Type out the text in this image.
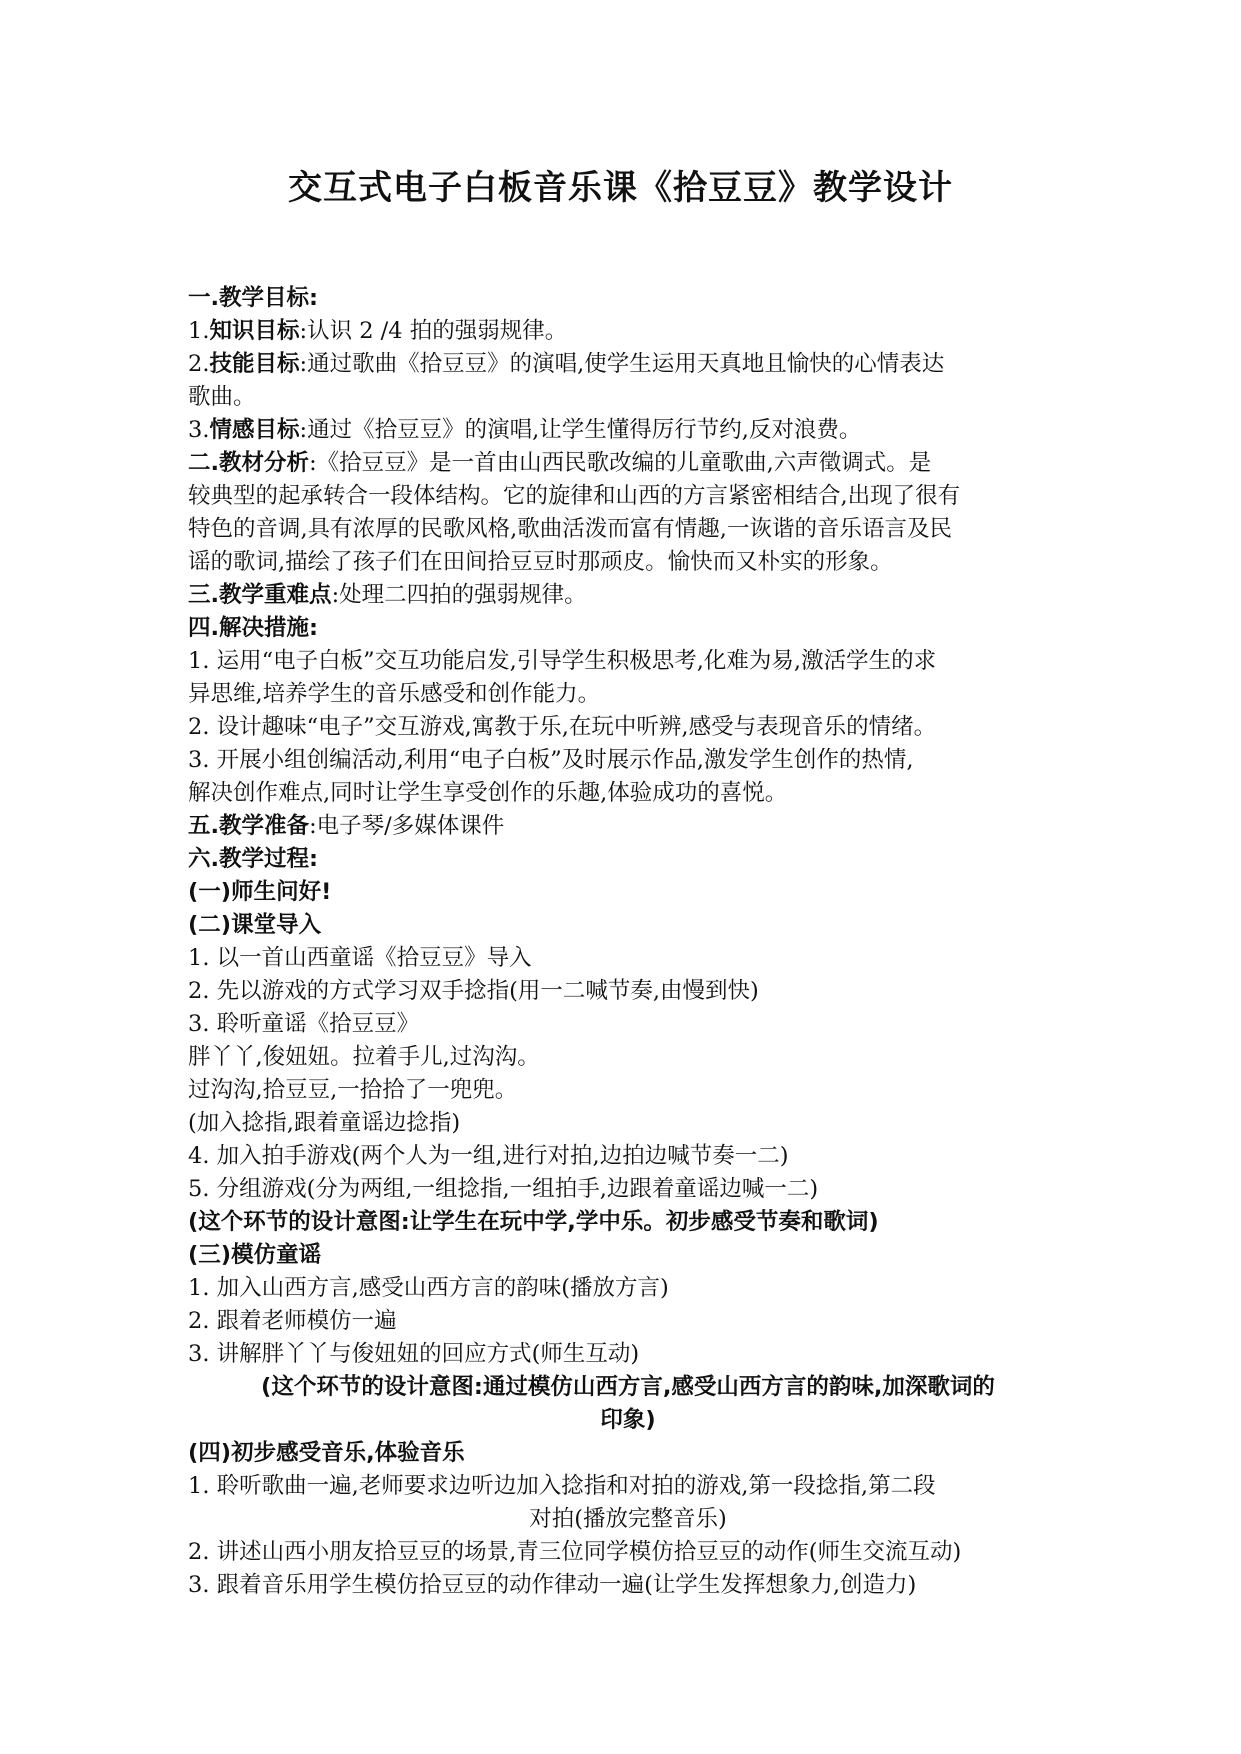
交互式电子白板音乐课《拾豆豆》教学设计
一.教学目标:
1.知识目标:认识 2 /4 拍的强弱规律。
2.技能目标:通过歌曲《拾豆豆》的演唱,使学生运用天真地且愉快的心情表达
歌曲。
3.情感目标:通过《拾豆豆》的演唱,让学生懂得厉行节约,反对浪费。
二.教材分析:《拾豆豆》是一首由山西民歌改编的儿童歌曲,六声徵调式。是
较典型的起承转合一段体结构。它的旋律和山西的方言紧密相结合,出现了很有
特色的音调,具有浓厚的民歌风格,歌曲活泼而富有情趣,一诙谐的音乐语言及民
谣的歌词,描绘了孩子们在田间拾豆豆时那顽皮。愉快而又朴实的形象。
三.教学重难点:处理二四拍的强弱规律。
四.解决措施:
1. 运用“电子白板”交互功能启发,引导学生积极思考,化难为易,激活学生的求
异思维,培养学生的音乐感受和创作能力。
2. 设计趣味“电子”交互游戏,寓教于乐,在玩中听辨,感受与表现音乐的情绪。
3. 开展小组创编活动,利用“电子白板”及时展示作品,激发学生创作的热情,
解决创作难点,同时让学生享受创作的乐趣,体验成功的喜悦。
五.教学准备:电子琴/多媒体课件
六.教学过程:
(一)师生问好!
(二)课堂导入
1. 以一首山西童谣《拾豆豆》导入
2. 先以游戏的方式学习双手捻指(用一二喊节奏,由慢到快)
3. 聆听童谣《拾豆豆》
胖丫丫,俊妞妞。拉着手儿,过沟沟。
过沟沟,拾豆豆,一拾拾了一兜兜。
(加入捻指,跟着童谣边捻指)
4. 加入拍手游戏(两个人为一组,进行对拍,边拍边喊节奏一二)
5. 分组游戏(分为两组,一组捻指,一组拍手,边跟着童谣边喊一二)
(这个环节的设计意图:让学生在玩中学,学中乐。初步感受节奏和歌词)
(三)模仿童谣
1. 加入山西方言,感受山西方言的韵味(播放方言)
2. 跟着老师模仿一遍
3. 讲解胖丫丫与俊妞妞的回应方式(师生互动)
(这个环节的设计意图:通过模仿山西方言,感受山西方言的韵味,加深歌词的
印象)
(四)初步感受音乐,体验音乐
1. 聆听歌曲一遍,老师要求边听边加入捻指和对拍的游戏,第一段捻指,第二段
对拍(播放完整音乐)
2. 讲述山西小朋友拾豆豆的场景,青三位同学模仿拾豆豆的动作(师生交流互动)
3. 跟着音乐用学生模仿拾豆豆的动作律动一遍(让学生发挥想象力,创造力)
